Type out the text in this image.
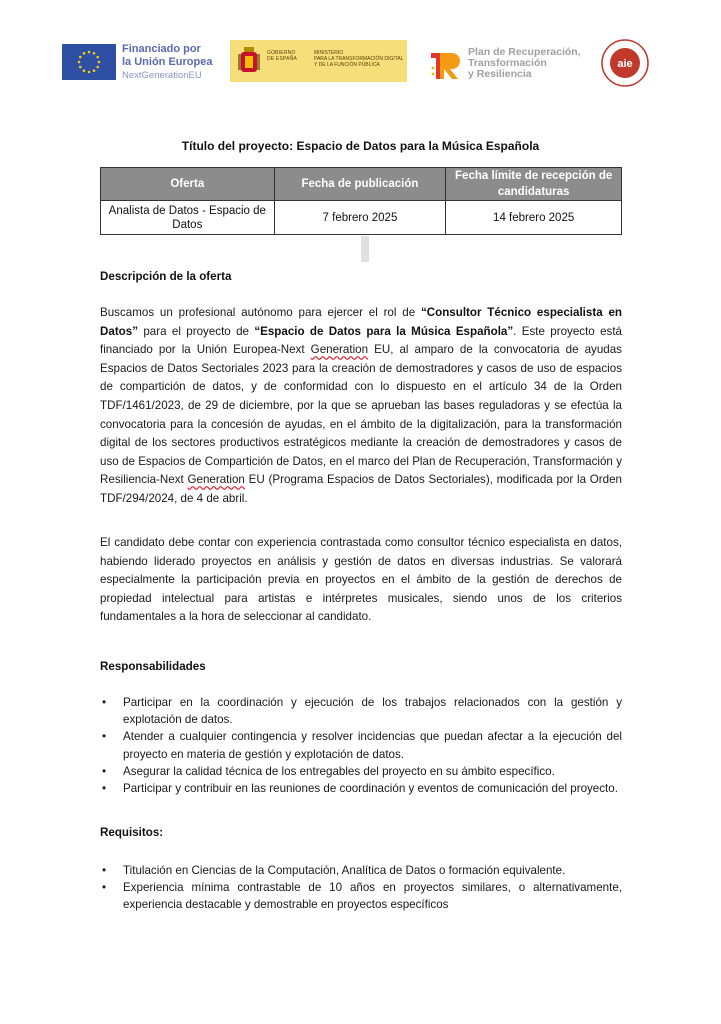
Financiado por
la Unión Europea
NextGenerationEU
GOBIERNO
DE ESPAÑA
MINISTERIO
PARA LA TRANSFORMACIÓN DIGITAL
Y DE LA FUNCIÓN PÚBLICA
Plan de Recuperación,
Transformación
y Resiliencia
aie
Título del proyecto: Espacio de Datos para la Música Española
Oferta	Fecha de publicación	Fecha límite de recepción de candidaturas
Analista de Datos - Espacio de Datos	7 febrero 2025	14 febrero 2025
Descripción de la oferta
Buscamos un profesional autónomo para ejercer el rol de “Consultor Técnico especialista en Datos” para el proyecto de “Espacio de Datos para la Música Española”. Este proyecto está financiado por la Unión Europea-Next Generation EU, al amparo de la convocatoria de ayudas Espacios de Datos Sectoriales 2023 para la creación de demostradores y casos de uso de espacios de compartición de datos, y de conformidad con lo dispuesto en el artículo 34 de la Orden TDF/1461/2023, de 29 de diciembre, por la que se aprueban las bases reguladoras y se efectúa la convocatoria para la concesión de ayudas, en el ámbito de la digitalización, para la transformación digital de los sectores productivos estratégicos mediante la creación de demostradores y casos de uso de Espacios de Compartición de Datos, en el marco del Plan de Recuperación, Transformación y Resiliencia-Next Generation EU (Programa Espacios de Datos Sectoriales), modificada por la Orden TDF/294/2024, de 4 de abril.
El candidato debe contar con experiencia contrastada como consultor técnico especialista en datos, habiendo liderado proyectos en análisis y gestión de datos en diversas industrias. Se valorará especialmente la participación previa en proyectos en el ámbito de la gestión de derechos de propiedad intelectual para artistas e intérpretes musicales, siendo unos de los criterios fundamentales a la hora de seleccionar al candidato.
Responsabilidades
• Participar en la coordinación y ejecución de los trabajos relacionados con la gestión y explotación de datos.
• Atender a cualquier contingencia y resolver incidencias que puedan afectar a la ejecución del proyecto en materia de gestión y explotación de datos.
• Asegurar la calidad técnica de los entregables del proyecto en su ámbito específico.
• Participar y contribuir en las reuniones de coordinación y eventos de comunicación del proyecto.
Requisitos:
• Titulación en Ciencias de la Computación, Analítica de Datos o formación equivalente.
• Experiencia mínima contrastable de 10 años en proyectos similares, o alternativamente, experiencia destacable y demostrable en proyectos específicos
